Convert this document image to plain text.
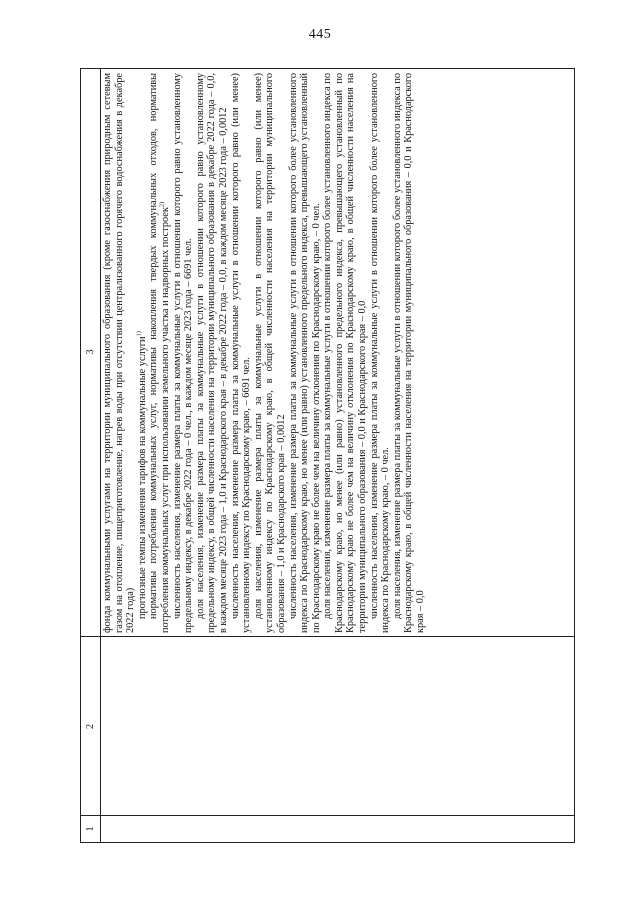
445
1
2
3 фонда коммунальными услугами на территории муниципального образования (кроме газоснабжения природным сетевым газом на отопление, пищеприготовление, нагрев воды при отсутствии централизованного горячего водоснабжения в декабре 2022 года) прогнозные темпы изменения тарифов на коммунальные услуги$^{1)}$ нормативы потребления коммунальных услуг, нормативы накопления твердых коммунальных отходов, нормативы потребления коммунальных услуг при использовании земельного участка и надворных построек$^{2)}$ численность населения, изменение размера платы за коммунальные услуги в отношении которого равно установленному предельному индексу, в декабре 2022 года – 0 чел., в каждом месяце 2023 года – 6691 чел. доля населения, изменение размера платы за коммунальные услуги в отношении которого равно установленному предельному индексу, в общей численности населения на территории муниципального образования в декабре 2022 года – 0,0, в каждом месяце 2023 года – 1,0 и Краснодарского края – в декабре 2022 года – 0,0, в каждом месяце 2023 года – 0,0012 численность населения, изменение размера платы за коммунальные услуги в отношении которого равно (или менее) установленному индексу по Краснодарскому краю, – 6691 чел. доля населения, изменение размера платы за коммунальные услуги в отношении которого равно (или менее) установленному индексу по Краснодарскому краю, в общей численности населения на территории муниципального образования – 1,0 и Краснодарского края – 0,0012 численность населения, изменение размера платы за коммунальные услуги в отношении которого более установленного индекса по Краснодарскому краю, но менее (или равно) установленного предельного индекса, превышающего установленный по Краснодарскому краю не более чем на величину отклонения по Краснодарскому краю, – 0 чел. доля населения, изменение размера платы за коммунальные услуги в отношении которого более установленного индекса по Краснодарскому краю, но менее (или равно) установленного предельного индекса, превышающего установленный по Краснодарскому краю не более чем на величину отклонения по Краснодарскому краю, в общей численности населения на территории муниципального образования – 0,0 и Краснодарского края – 0,0 численность населения, изменение размера платы за коммунальные услуги в отношении которого более установленного индекса по Краснодарскому краю, – 0 чел. доля населения, изменение размера платы за коммунальные услуги в отношении которого более установленного индекса по Краснодарскому краю, в общей численности населения на территории муниципального образования – 0,0 и Краснодарского края – 0,0
